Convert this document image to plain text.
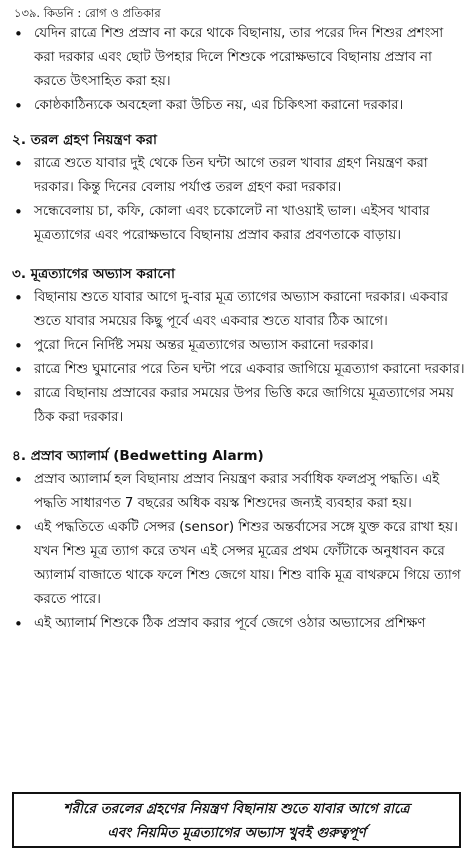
১৩৯. কিডনি : রোগ ও প্রতিকার

• যেদিন রাত্রে শিশু প্রস্রাব না করে থাকে বিছানায়, তার পরের দিন শিশুর প্রশংসা করা দরকার এবং ছোট উপহার দিলে শিশুকে পরোক্ষভাবে বিছানায় প্রস্রাব না করতে উৎসাহিত করা হয়।

• কোষ্ঠকাঠিন্যকে অবহেলা করা উচিত নয়, এর চিকিৎসা করানো দরকার।

২. তরল গ্রহণ নিয়ন্ত্রণ করা

• রাত্রে শুতে যাবার দুই থেকে তিন ঘন্টা আগে তরল খাবার গ্রহণ নিয়ন্ত্রণ করা দরকার। কিন্তু দিনের বেলায় পর্যাপ্ত তরল গ্রহণ করা দরকার।

• সন্ধেবেলায় চা, কফি, কোলা এবং চকোলেট না খাওয়াই ভাল। এইসব খাবার মূত্রত্যাগের এবং পরোক্ষভাবে বিছানায় প্রস্রাব করার প্রবণতাকে বাড়ায়।

৩. মূত্রত্যাগের অভ্যাস করানো

• বিছানায় শুতে যাবার আগে দু-বার মূত্র ত্যাগের অভ্যাস করানো দরকার। একবার শুতে যাবার সময়ের কিছু পূর্বে এবং একবার শুতে যাবার ঠিক আগে।

• পুরো দিনে নির্দিষ্ট সময় অন্তর মূত্রত্যাগের অভ্যাস করানো দরকার।

• রাত্রে শিশু ঘুমানোর পরে তিন ঘন্টা পরে একবার জাগিয়ে মূত্রত্যাগ করানো দরকার।

• রাত্রে বিছানায় প্রস্রাবের করার সময়ের উপর ভিত্তি করে জাগিয়ে মূত্রত্যাগের সময় ঠিক করা দরকার।

৪. প্রস্রাব অ্যালার্ম (Bedwetting Alarm)

• প্রস্রাব অ্যালার্ম হল বিছানায় প্রস্রাব নিয়ন্ত্রণ করার সর্বাধিক ফলপ্রসু পদ্ধতি। এই পদ্ধতি সাধারণত 7 বছরের অধিক বয়স্ক শিশুদের জন্যই ব্যবহার করা হয়।

• এই পদ্ধতিতে একটি সেন্সর (sensor) শিশুর অন্তর্বাসের সঙ্গে যুক্ত করে রাখা হয়। যখন শিশু মূত্র ত্যাগ করে তখন এই সেন্সর মূত্রের প্রথম ফোঁটাকে অনুধাবন করে অ্যালার্ম বাজাতে থাকে ফলে শিশু জেগে যায়। শিশু বাকি মূত্র বাথরুমে গিয়ে ত্যাগ করতে পারে।

• এই অ্যালার্ম শিশুকে ঠিক প্রস্রাব করার পূর্বে জেগে ওঠার অভ্যাসের প্রশিক্ষণ

শরীরে তরলের গ্রহণের নিয়ন্ত্রণ বিছানায় শুতে যাবার আগে রাত্রে
এবং নিয়মিত মূত্রত্যাগের অভ্যাস খুবই গুরুত্বপূর্ণ
